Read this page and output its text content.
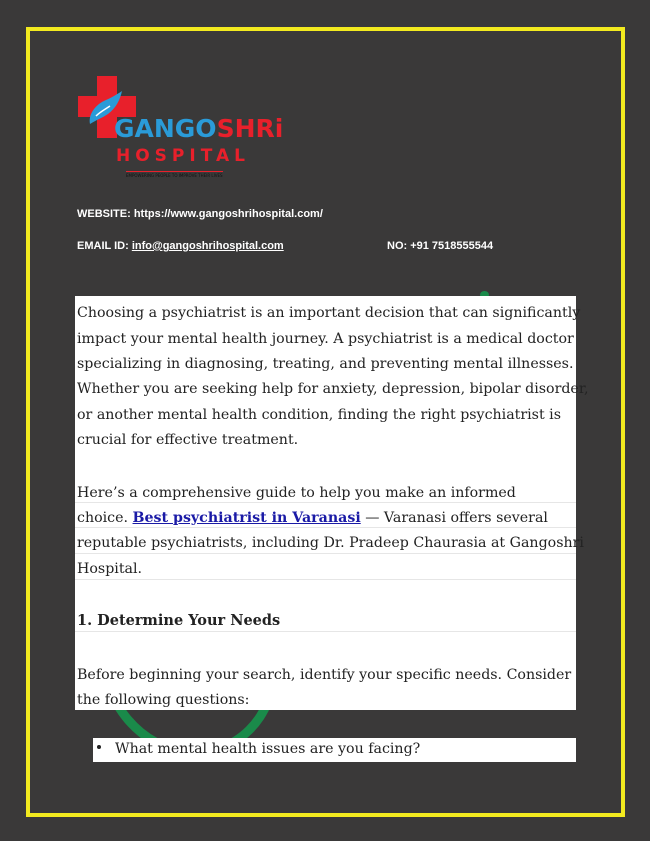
GANGOSHRi
HOSPITAL
EMPOWERING PEOPLE TO IMPROVE THEIR LIVES
WEBSITE: https://www.gangoshrihospital.com/
EMAIL ID: info@gangoshrihospital.com	NO: +91 7518555544
Choosing a psychiatrist is an important decision that can significantly
impact your mental health journey. A psychiatrist is a medical doctor
specializing in diagnosing, treating, and preventing mental illnesses.
Whether you are seeking help for anxiety, depression, bipolar disorder,
or another mental health condition, finding the right psychiatrist is
crucial for effective treatment.
Here’s a comprehensive guide to help you make an informed
choice. Best psychiatrist in Varanasi — Varanasi offers several
reputable psychiatrists, including Dr. Pradeep Chaurasia at Gangoshri
Hospital.
1. Determine Your Needs
Before beginning your search, identify your specific needs. Consider
the following questions:
What mental health issues are you facing?
